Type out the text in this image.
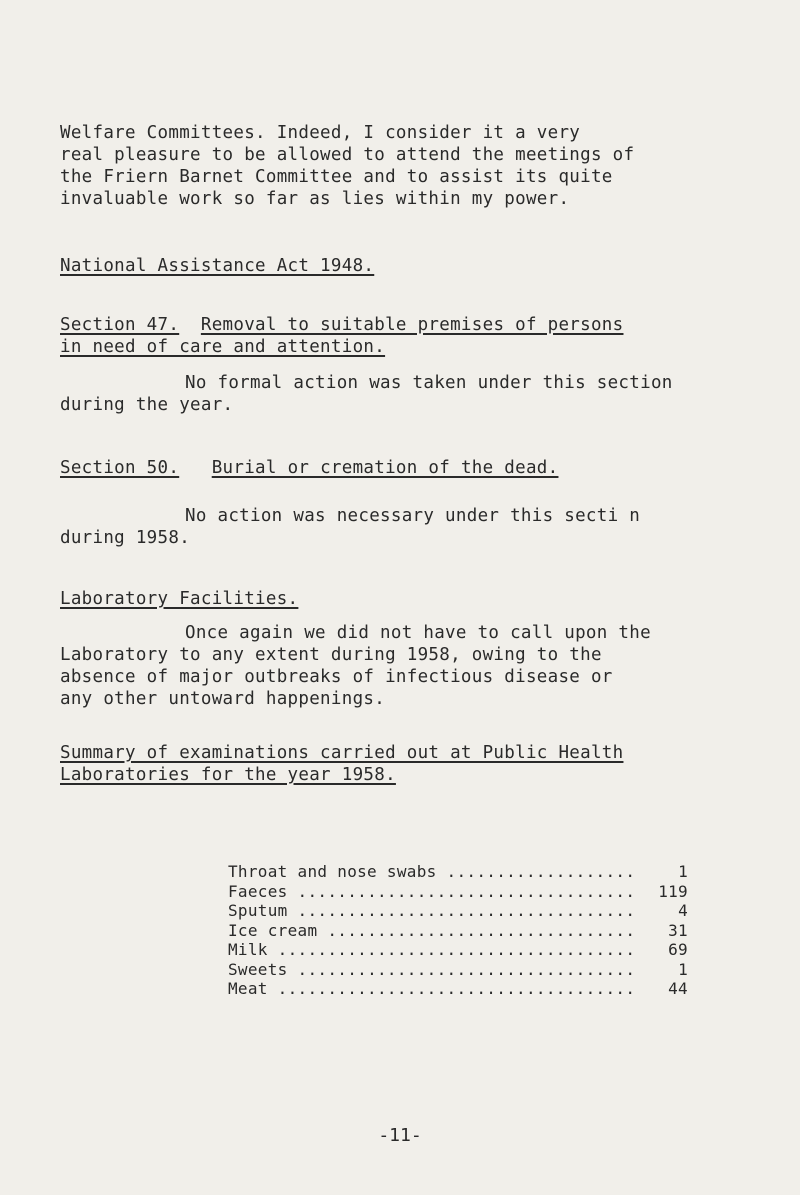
Welfare Committees. Indeed, I consider it a very
real pleasure to be allowed to attend the meetings of
the Friern Barnet Committee and to assist its quite
invaluable work so far as lies within my power.

National Assistance Act 1948.

Section 47. Removal to suitable premises of persons
in need of care and attention.

No formal action was taken under this section
during the year.

Section 50. Burial or cremation of the dead.

No action was necessary under this secti n
during 1958.

Laboratory Facilities.

Once again we did not have to call upon the
Laboratory to any extent during 1958, owing to the
absence of major outbreaks of infectious disease or
any other untoward happenings.

Summary of examinations carried out at Public Health
Laboratories for the year 1958.

Throat and nose swabs .....	1
Faeces .....	119
Sputum .....	4
Ice cream .....	31
Milk .....	69
Sweets .....	1
Meat .....	44
-11-
